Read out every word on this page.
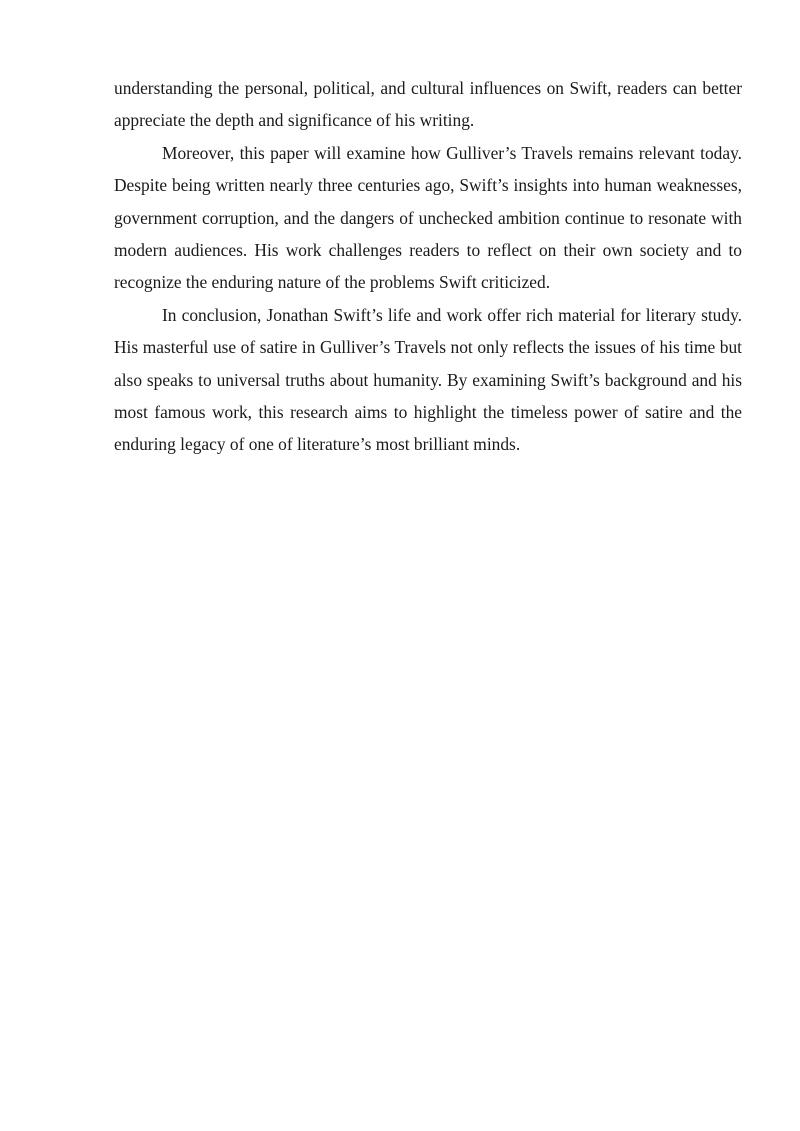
understanding the personal, political, and cultural influences on Swift, readers can better appreciate the depth and significance of his writing.

Moreover, this paper will examine how Gulliver’s Travels remains relevant today. Despite being written nearly three centuries ago, Swift’s insights into human weaknesses, government corruption, and the dangers of unchecked ambition continue to resonate with modern audiences. His work challenges readers to reflect on their own society and to recognize the enduring nature of the problems Swift criticized.

In conclusion, Jonathan Swift’s life and work offer rich material for literary study. His masterful use of satire in Gulliver’s Travels not only reflects the issues of his time but also speaks to universal truths about humanity. By examining Swift’s background and his most famous work, this research aims to highlight the timeless power of satire and the enduring legacy of one of literature’s most brilliant minds.
